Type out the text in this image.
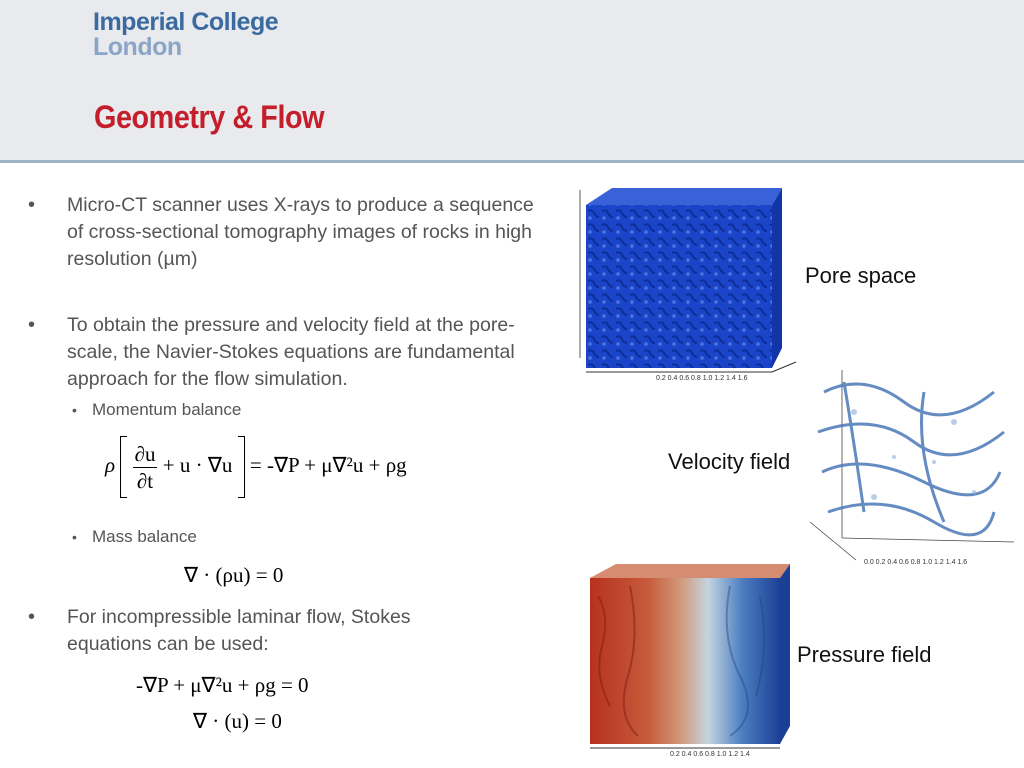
Imperial College
London
Geometry & Flow
• Micro-CT scanner uses X-rays to produce a sequence of cross-sectional tomography images of rocks in high resolution (µm)
• To obtain the pressure and velocity field at the pore-scale, the Navier-Stokes equations are fundamental approach for the flow simulation.
• Momentum balance
ρ $\frac{\partial u}{\partial t} + u \cdot \nabla u = -\nabla P + \mu\nabla^2u + \rho g$
• Mass balance
∇ · (ρu) = 0
• For incompressible laminar flow, Stokes equations can be used:
-∇P + μ∇²u + ρg = 0
∇ · (u) = 0
0.2 0.4 0.6 0.8 1.0 1.2 1.4 1.6
Pore space
0.0 0.2 0.4 0.6 0.8 1.0 1.2 1.4 1.6
Velocity field
0.2 0.4 0.6 0.8 1.0 1.2 1.4
Pressure field
